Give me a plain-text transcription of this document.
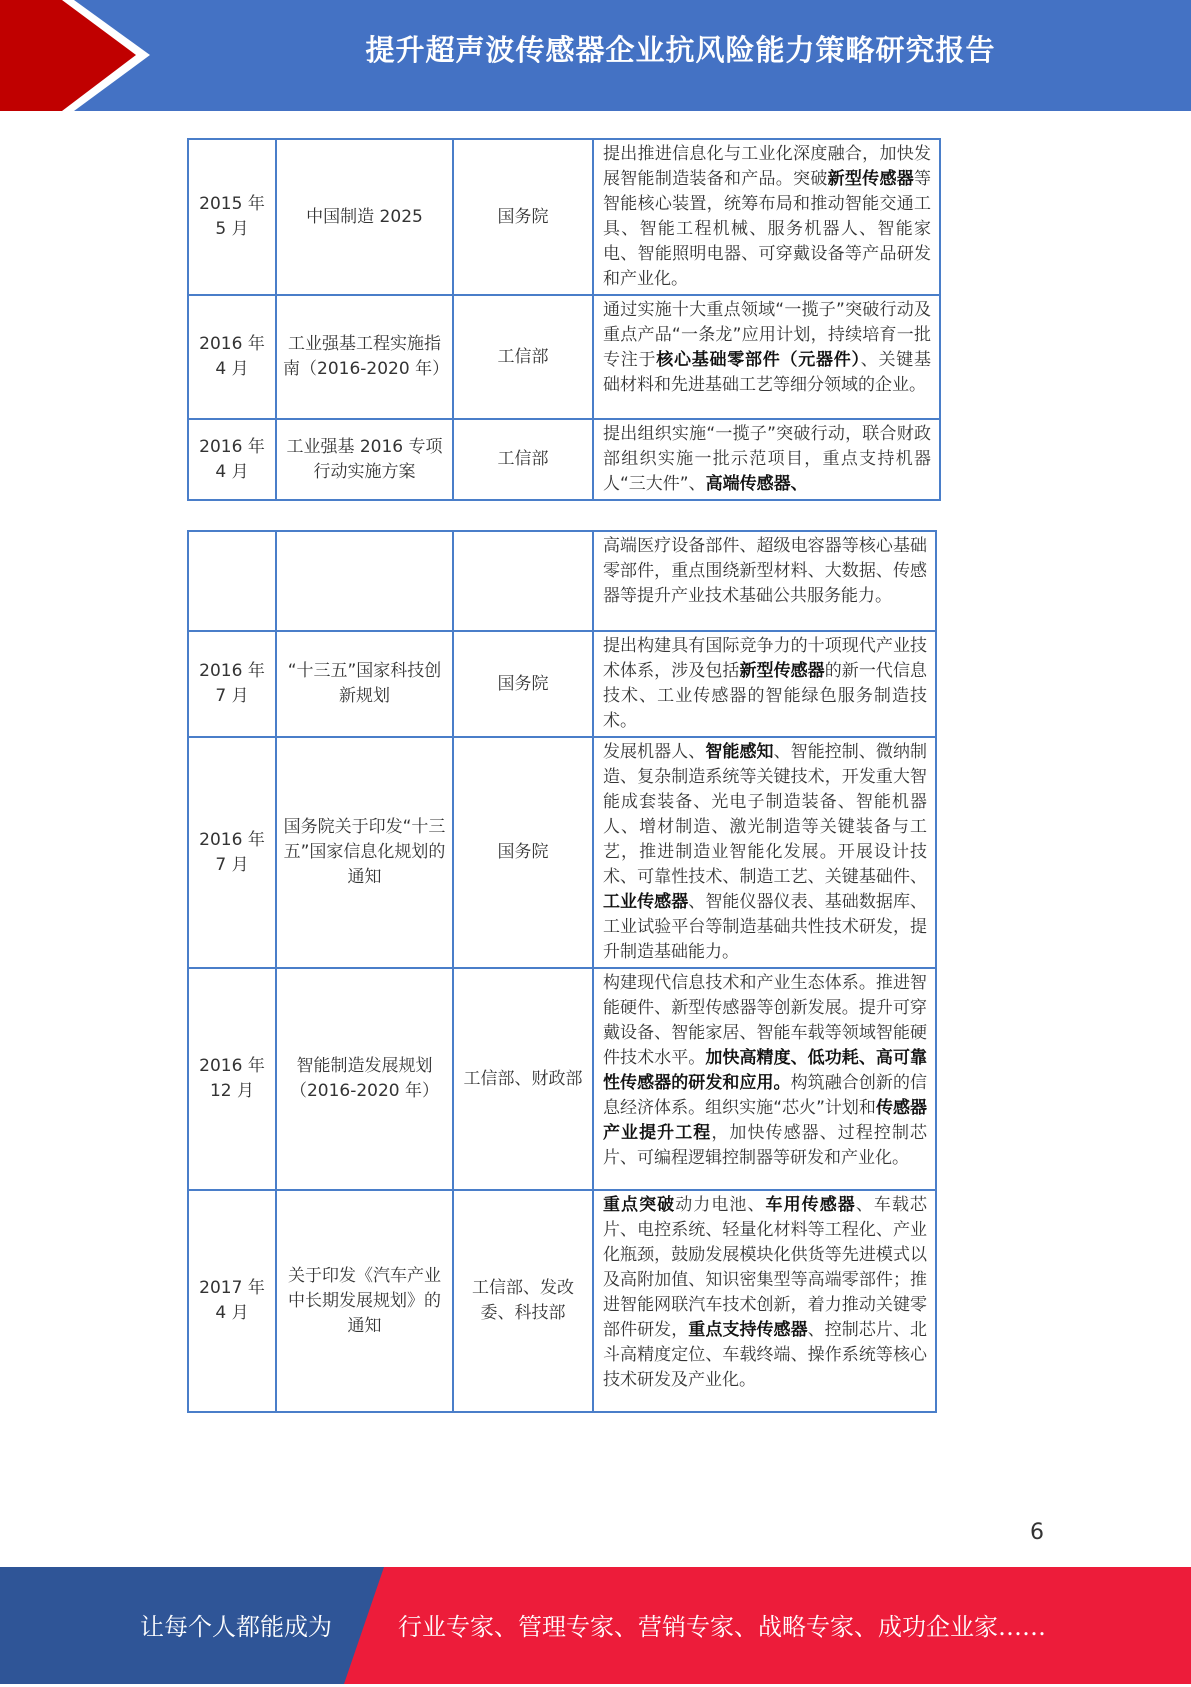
提升超声波传感器企业抗风险能力策略研究报告
2015 年 5 月	中国制造 2025	国务院	提出推进信息化与工业化深度融合，加快发展智能制造装备和产品。突破新型传感器等智能核心装置，统筹布局和推动智能交通工具、智能工程机械、服务机器人、智能家电、智能照明电器、可穿戴设备等产品研发和产业化。
2016 年 4 月	工业强基工程实施指南（2016-2020 年）	工信部	通过实施十大重点领域“一揽子”突破行动及重点产品“一条龙”应用计划，持续培育一批专注于核心基础零部件（元器件）、关键基础材料和先进基础工艺等细分领域的企业。
2016 年 4 月	工业强基 2016 专项行动实施方案	工信部	提出组织实施“一揽子”突破行动，联合财政部组织实施一批示范项目，重点支持机器人“三大件”、高端传感器、
			高端医疗设备部件、超级电容器等核心基础零部件，重点围绕新型材料、大数据、传感器等提升产业技术基础公共服务能力。
2016 年 7 月	“十三五”国家科技创新规划	国务院	提出构建具有国际竞争力的十项现代产业技术体系，涉及包括新型传感器的新一代信息技术、工业传感器的智能绿色服务制造技术。
2016 年 7 月	国务院关于印发“十三五”国家信息化规划的通知	国务院	发展机器人、智能感知、智能控制、微纳制造、复杂制造系统等关键技术，开发重大智能成套装备、光电子制造装备、智能机器人、增材制造、激光制造等关键装备与工艺，推进制造业智能化发展。开展设计技术、可靠性技术、制造工艺、关键基础件、工业传感器、智能仪器仪表、基础数据库、工业试验平台等制造基础共性技术研发，提升制造基础能力。
2016 年 12 月	智能制造发展规划（2016-2020 年）	工信部、财政部	构建现代信息技术和产业生态体系。推进智能硬件、新型传感器等创新发展。提升可穿戴设备、智能家居、智能车载等领域智能硬件技术水平。加快高精度、低功耗、高可靠性传感器的研发和应用。构筑融合创新的信息经济体系。组织实施“芯火”计划和传感器产业提升工程，加快传感器、过程控制芯片、可编程逻辑控制器等研发和产业化。
2017 年 4 月	关于印发《汽车产业中长期发展规划》的通知	工信部、发改委、科技部	重点突破动力电池、车用传感器、车载芯片、电控系统、轻量化材料等工程化、产业化瓶颈，鼓励发展模块化供货等先进模式以及高附加值、知识密集型等高端零部件；推进智能网联汽车技术创新，着力推动关键零部件研发，重点支持传感器、控制芯片、北斗高精度定位、车载终端、操作系统等核心技术研发及产业化。
6
让每个人都能成为	行业专家、管理专家、营销专家、战略专家、成功企业家……
